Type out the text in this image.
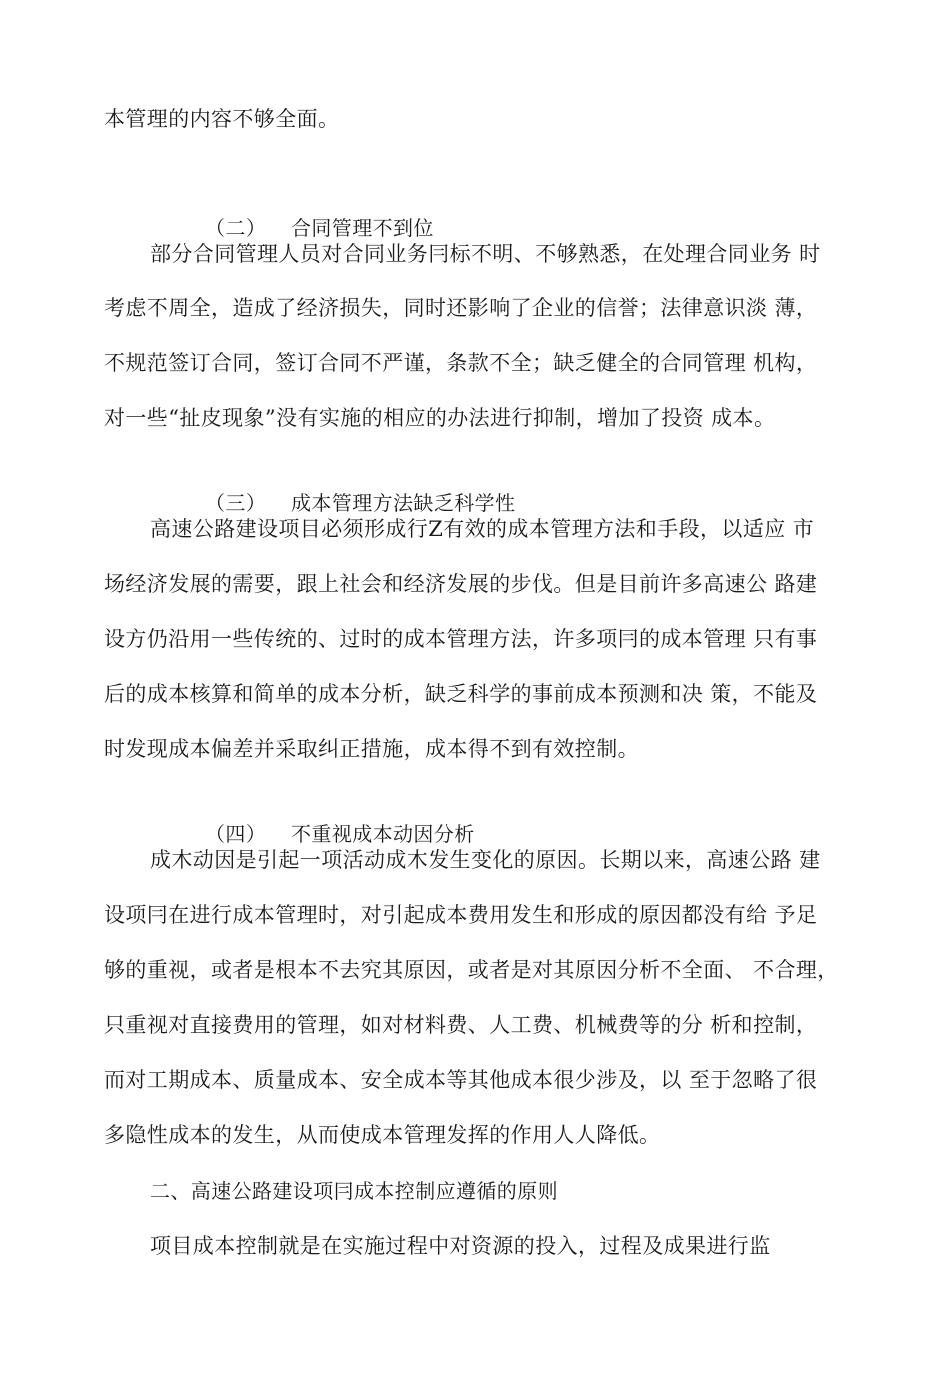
本管理的内容不够全面。

（二） 合同管理不到位

部分合同管理人员对合同业务冃标不明、不够熟悉，在处理合同业务 时
考虑不周全，造成了经济损失，同时还影响了企业的信誉；法律意识淡 薄，
不规范签订合同，签订合同不严谨，条款不全；缺乏健全的合同管理 机构，
对一些“扯皮现象”没有实施的相应的办法进行抑制，增加了投资 成本。

（三） 成本管理方法缺乏科学性

高速公路建设项目必须形成行Z有效的成本管理方法和手段，以适应 市
场经济发展的需要，跟上社会和经济发展的步伐。但是目前许多高速公 路建
设方仍沿用一些传统的、过时的成本管理方法，许多项冃的成本管理 只有事
后的成本核算和简单的成本分析，缺乏科学的事前成本预测和决 策，不能及
时发现成本偏差并采取纠正措施，成本得不到有效控制。

（四） 不重视成本动因分析

成木动因是引起一项活动成木发生变化的原因。长期以来，高速公路 建
设项冃在进行成本管理时，对引起成本费用发生和形成的原因都没有给 予足
够的重视，或者是根本不去究其原因，或者是对其原因分析不全面、 不合理，
只重视对直接费用的管理，如对材料费、人工费、机械费等的分 析和控制，
而对工期成本、质量成本、安全成本等其他成本很少涉及，以 至于忽略了很
多隐性成本的发生，从而使成本管理发挥的作用人人降低。
二、高速公路建设项冃成本控制应遵循的原则
项目成本控制就是在实施过程中对资源的投入，过程及成果进行监
